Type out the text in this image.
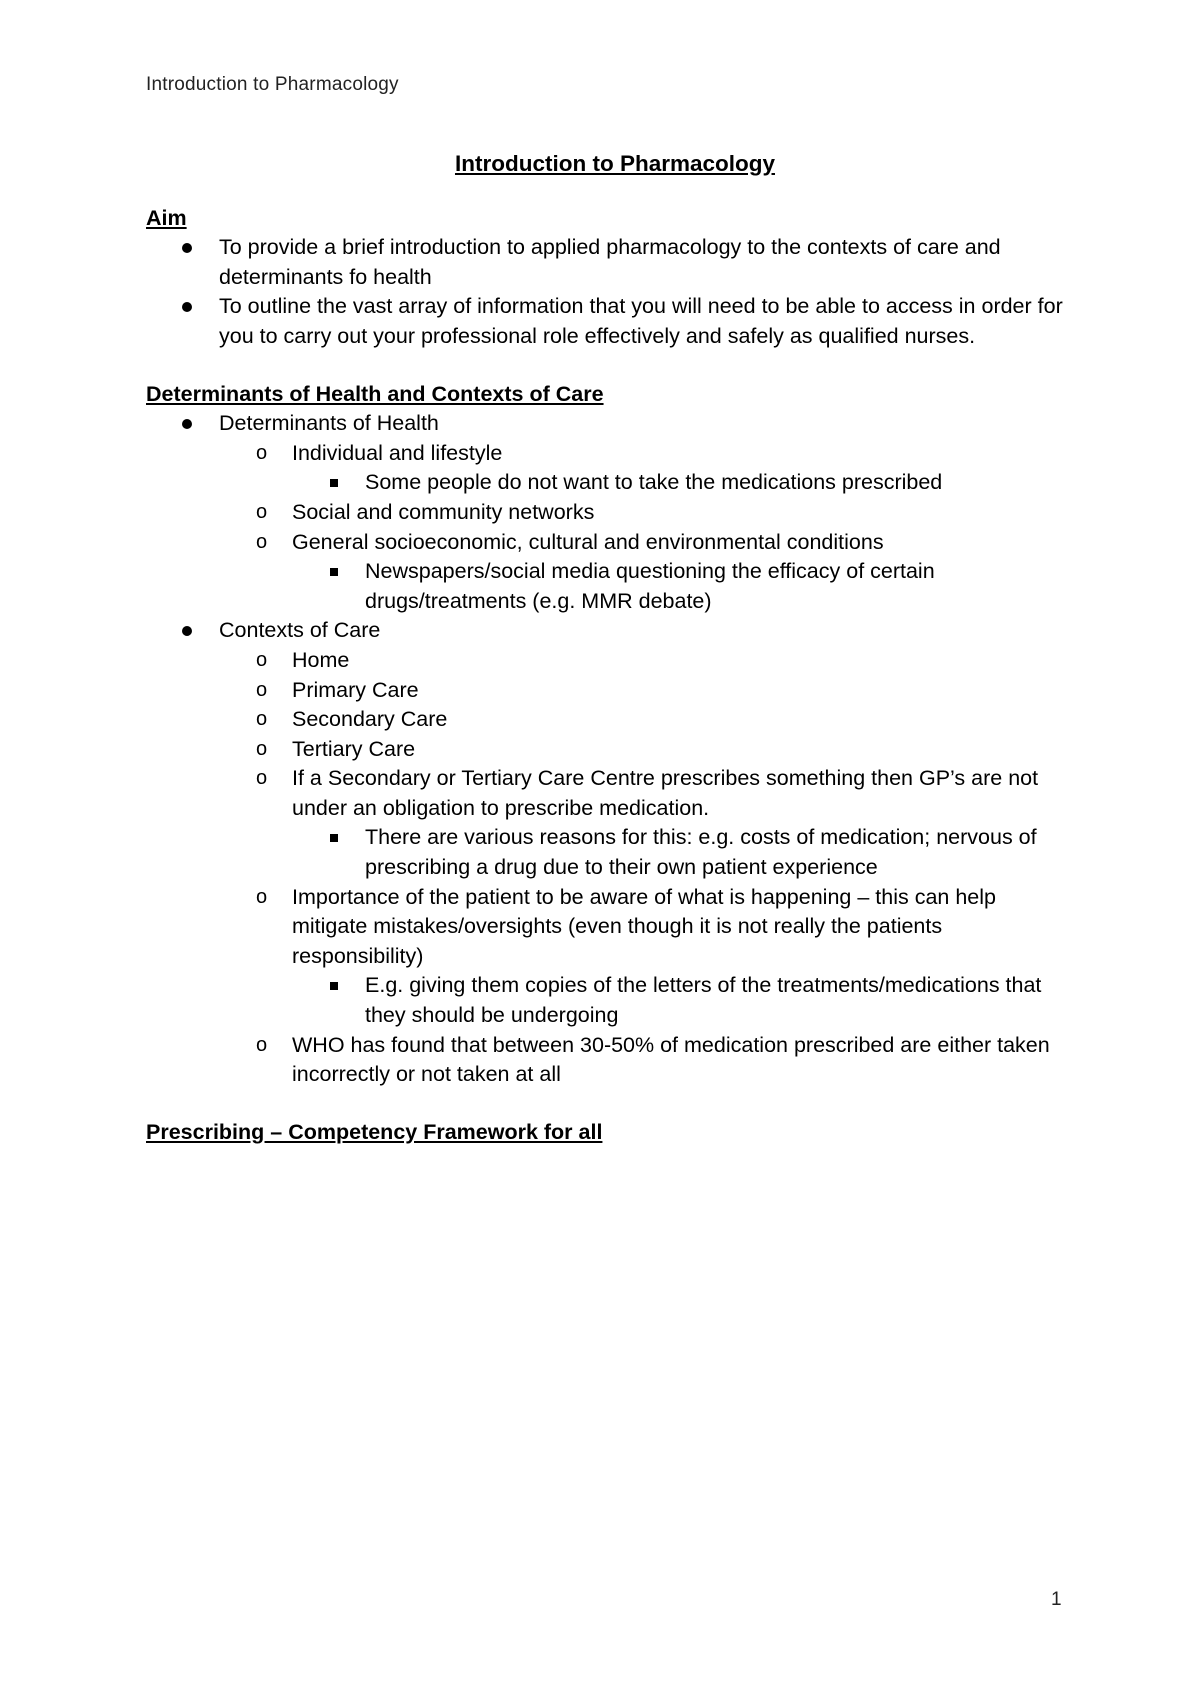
Introduction to Pharmacology
Introduction to Pharmacology
Aim
To provide a brief introduction to applied pharmacology to the contexts of care and determinants fo health
To outline the vast array of information that you will need to be able to access in order for you to carry out your professional role effectively and safely as qualified nurses.
Determinants of Health and Contexts of Care
Determinants of Health
o Individual and lifestyle
Some people do not want to take the medications prescribed
o Social and community networks
o General socioeconomic, cultural and environmental conditions
Newspapers/social media questioning the efficacy of certain drugs/treatments (e.g. MMR debate)
Contexts of Care
o Home
o Primary Care
o Secondary Care
o Tertiary Care
o If a Secondary or Tertiary Care Centre prescribes something then GP’s are not under an obligation to prescribe medication.
There are various reasons for this: e.g. costs of medication; nervous of prescribing a drug due to their own patient experience
o Importance of the patient to be aware of what is happening – this can help mitigate mistakes/oversights (even though it is not really the patients responsibility)
E.g. giving them copies of the letters of the treatments/medications that they should be undergoing
o WHO has found that between 30-50% of medication prescribed are either taken incorrectly or not taken at all
Prescribing – Competency Framework for all
1
